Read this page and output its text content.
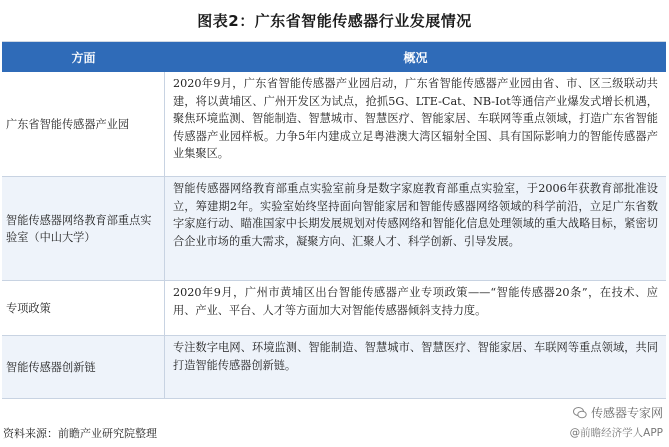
图表2：广东省智能传感器行业发展情况
方面	概况
广东省智能传感器产业园
2020年9月，广东省智能传感器产业园启动，广东省智能传感器产业园由省、市、区三级联动共建，将以黄埔区、广州开发区为试点，抢抓5G、LTE-Cat、NB-Iot等通信产业爆发式增长机遇，聚焦环境监测、智能制造、智慧城市、智慧医疗、智能家居、车联网等重点领域，打造广东省智能传感器产业园样板。力争5年内建成立足粤港澳大湾区辐射全国、具有国际影响力的智能传感器产业集聚区。
智能传感器网络教育部重点实验室（中山大学）
智能传感器网络教育部重点实验室前身是数字家庭教育部重点实验室，于2006年获教育部批准设立，筹建期2年。实验室始终坚持面向智能家居和智能传感器网络领域的科学前沿，立足广东省数字家庭行动、瞄准国家中长期发展规划对传感网络和智能化信息处理领域的重大战略目标，紧密切合企业市场的重大需求，凝聚方向、汇聚人才、科学创新、引导发展。
专项政策
2020年9月，广州市黄埔区出台智能传感器产业专项政策——“智能传感器20条”，在技术、应用、产业、平台、人才等方面加大对智能传感器倾斜支持力度。
智能传感器创新链
专注数字电网、环境监测、智能制造、智慧城市、智慧医疗、智能家居、车联网等重点领域，共同打造智能传感器创新链。
资料来源：前瞻产业研究院整理
传感器专家网
@前瞻经济学人APP
